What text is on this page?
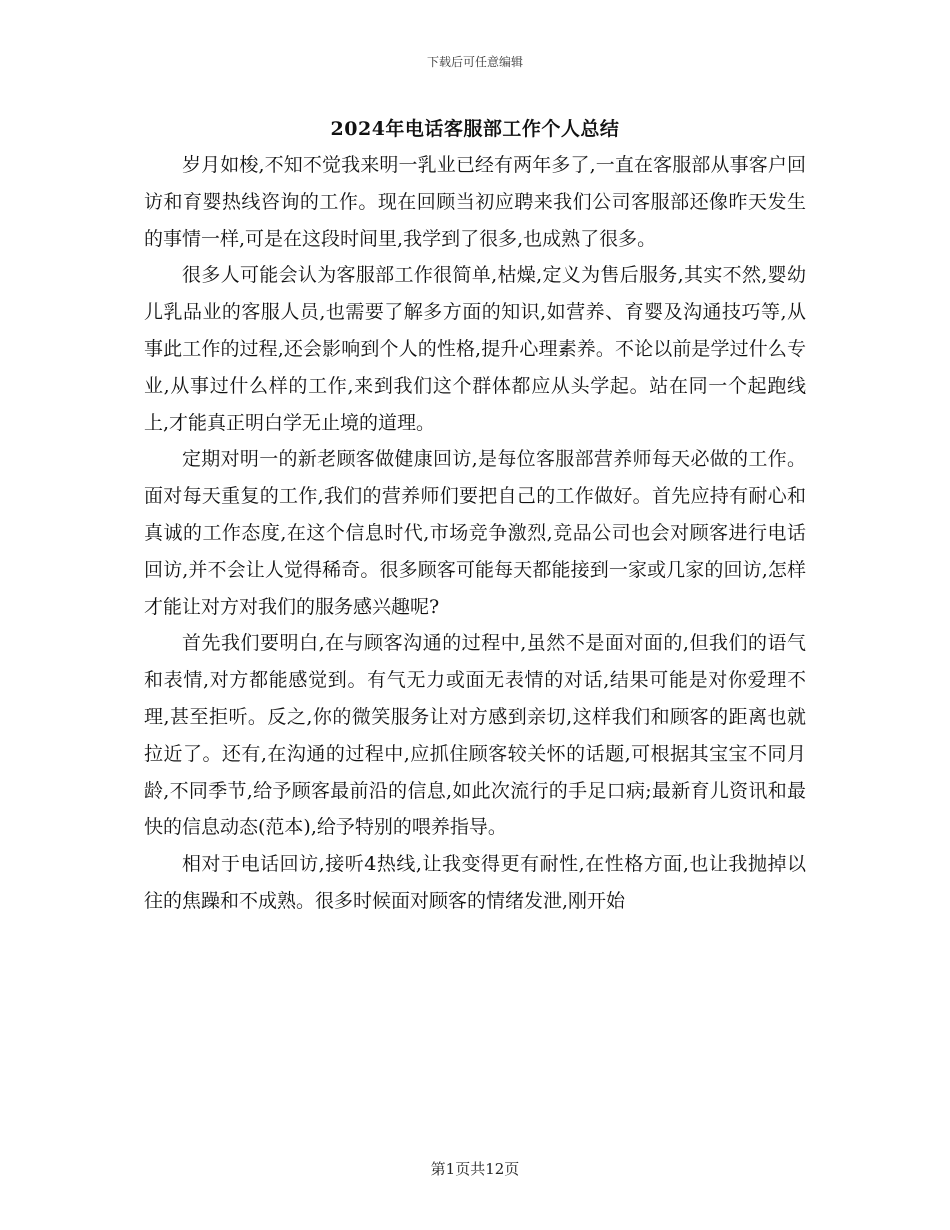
下载后可任意编辑
2024年电话客服部工作个人总结

岁月如梭,不知不觉我来明一乳业已经有两年多了,一直在客服部从事客户回访和育婴热线咨询的工作。现在回顾当初应聘来我们公司客服部还像昨天发生的事情一样,可是在这段时间里,我学到了很多,也成熟了很多。

很多人可能会认为客服部工作很简单,枯燥,定义为售后服务,其实不然,婴幼儿乳品业的客服人员,也需要了解多方面的知识,如营养、育婴及沟通技巧等,从事此工作的过程,还会影响到个人的性格,提升心理素养。不论以前是学过什么专业,从事过什么样的工作,来到我们这个群体都应从头学起。站在同一个起跑线上,才能真正明白学无止境的道理。

定期对明一的新老顾客做健康回访,是每位客服部营养师每天必做的工作。面对每天重复的工作,我们的营养师们要把自己的工作做好。首先应持有耐心和真诚的工作态度,在这个信息时代,市场竞争激烈,竞品公司也会对顾客进行电话回访,并不会让人觉得稀奇。很多顾客可能每天都能接到一家或几家的回访,怎样才能让对方对我们的服务感兴趣呢?

首先我们要明白,在与顾客沟通的过程中,虽然不是面对面的,但我们的语气和表情,对方都能感觉到。有气无力或面无表情的对话,结果可能是对你爱理不理,甚至拒听。反之,你的微笑服务让对方感到亲切,这样我们和顾客的距离也就拉近了。还有,在沟通的过程中,应抓住顾客较关怀的话题,可根据其宝宝不同月龄,不同季节,给予顾客最前沿的信息,如此次流行的手足口病;最新育儿资讯和最快的信息动态(范本),给予特别的喂养指导。

相对于电话回访,接听4热线,让我变得更有耐性,在性格方面,也让我抛掉以往的焦躁和不成熟。很多时候面对顾客的情绪发泄,刚开始

第1页共12页
